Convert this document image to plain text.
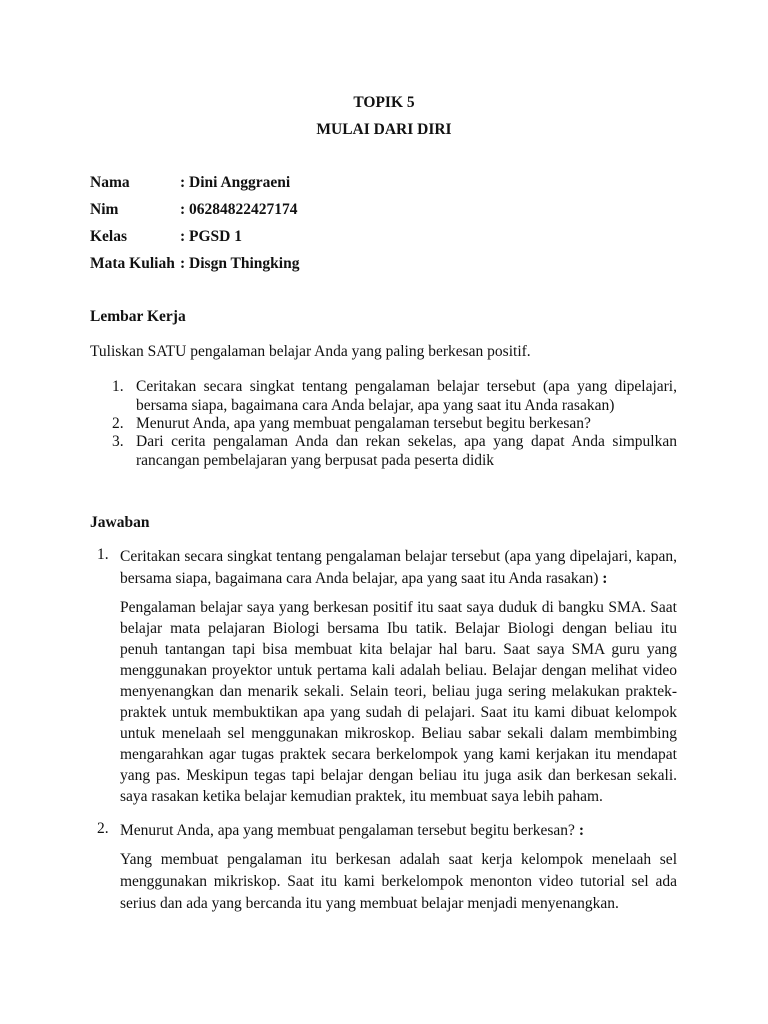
TOPIK 5
MULAI DARI DIRI
Nama	: Dini Anggraeni
Nim	: 06284822427174
Kelas	: PGSD 1
Mata Kuliah : Disgn Thingking
Lembar Kerja
Tuliskan SATU pengalaman belajar Anda yang paling berkesan positif.
1. Ceritakan secara singkat tentang pengalaman belajar tersebut (apa yang dipelajari,
bersama siapa, bagaimana cara Anda belajar, apa yang saat itu Anda rasakan)
2. Menurut Anda, apa yang membuat pengalaman tersebut begitu berkesan?
3. Dari cerita pengalaman Anda dan rekan sekelas, apa yang dapat Anda simpulkan
rancangan pembelajaran yang berpusat pada peserta didik
Jawaban
1. Ceritakan secara singkat tentang pengalaman belajar tersebut (apa yang dipelajari, kapan,
bersama siapa, bagaimana cara Anda belajar, apa yang saat itu Anda rasakan) :
Pengalaman belajar saya yang berkesan positif itu saat saya duduk di bangku SMA. Saat
belajar mata pelajaran Biologi bersama Ibu tatik. Belajar Biologi dengan beliau itu
penuh tantangan tapi bisa membuat kita belajar hal baru. Saat saya SMA guru yang
menggunakan proyektor untuk pertama kali adalah beliau. Belajar dengan melihat video
menyenangkan dan menarik sekali. Selain teori, beliau juga sering melakukan praktek-
praktek untuk membuktikan apa yang sudah di pelajari. Saat itu kami dibuat kelompok
untuk menelaah sel menggunakan mikroskop. Beliau sabar sekali dalam membimbing
mengarahkan agar tugas praktek secara berkelompok yang kami kerjakan itu mendapat
yang pas. Meskipun tegas tapi belajar dengan beliau itu juga asik dan berkesan sekali.
saya rasakan ketika belajar kemudian praktek, itu membuat saya lebih paham.
2. Menurut Anda, apa yang membuat pengalaman tersebut begitu berkesan? :
Yang membuat pengalaman itu berkesan adalah saat kerja kelompok menelaah sel
menggunakan mikriskop. Saat itu kami berkelompok menonton video tutorial sel ada
serius dan ada yang bercanda itu yang membuat belajar menjadi menyenangkan.
